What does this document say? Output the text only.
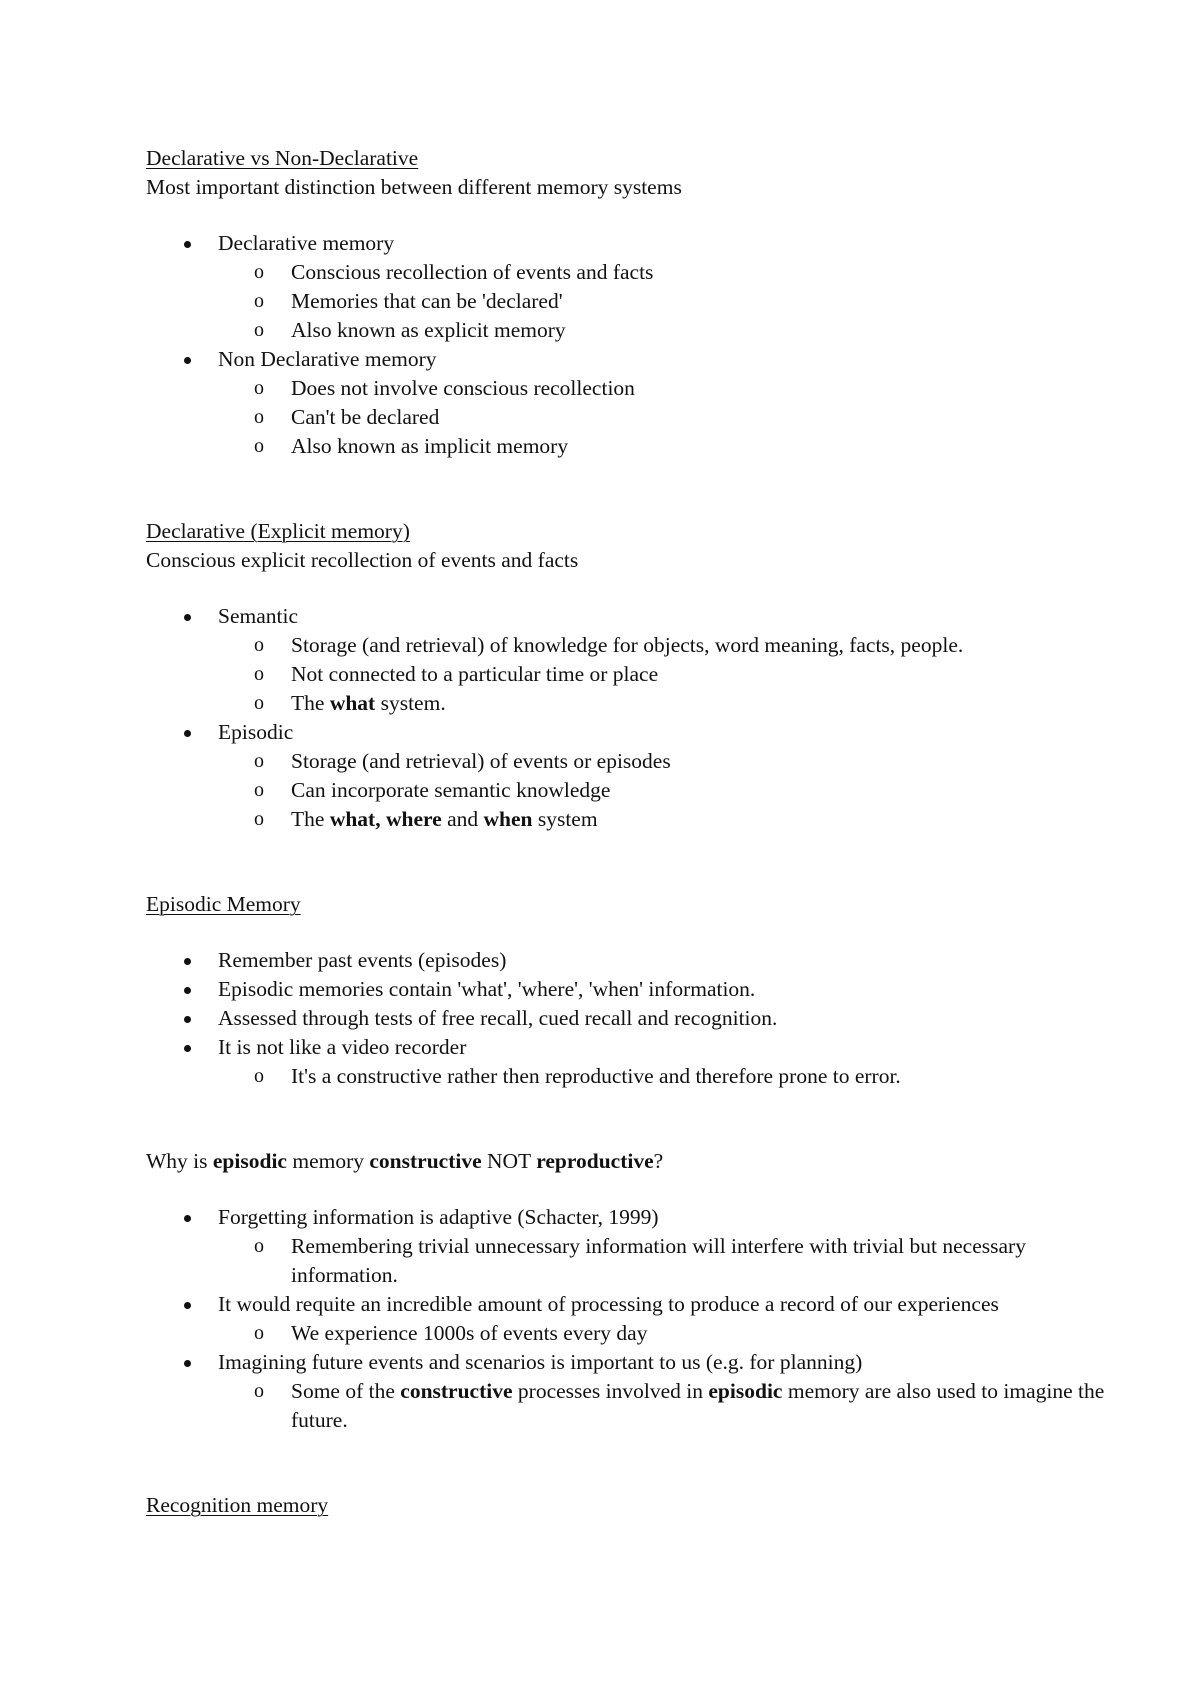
Declarative vs Non-Declarative
Most important distinction between different memory systems
Declarative memory
o Conscious recollection of events and facts
o Memories that can be 'declared'
o Also known as explicit memory
Non Declarative memory
o Does not involve conscious recollection
o Can't be declared
o Also known as implicit memory
Declarative (Explicit memory)
Conscious explicit recollection of events and facts
Semantic
o Storage (and retrieval) of knowledge for objects, word meaning, facts, people.
o Not connected to a particular time or place
o The what system.
Episodic
o Storage (and retrieval) of events or episodes
o Can incorporate semantic knowledge
o The what, where and when system
Episodic Memory
Remember past events (episodes)
Episodic memories contain 'what', 'where', 'when' information.
Assessed through tests of free recall, cued recall and recognition.
It is not like a video recorder
o It's a constructive rather then reproductive and therefore prone to error.
Why is episodic memory constructive NOT reproductive?
Forgetting information is adaptive (Schacter, 1999)
o Remembering trivial unnecessary information will interfere with trivial but necessary information.
It would requite an incredible amount of processing to produce a record of our experiences
o We experience 1000s of events every day
Imagining future events and scenarios is important to us (e.g. for planning)
o Some of the constructive processes involved in episodic memory are also used to imagine the future.
Recognition memory
